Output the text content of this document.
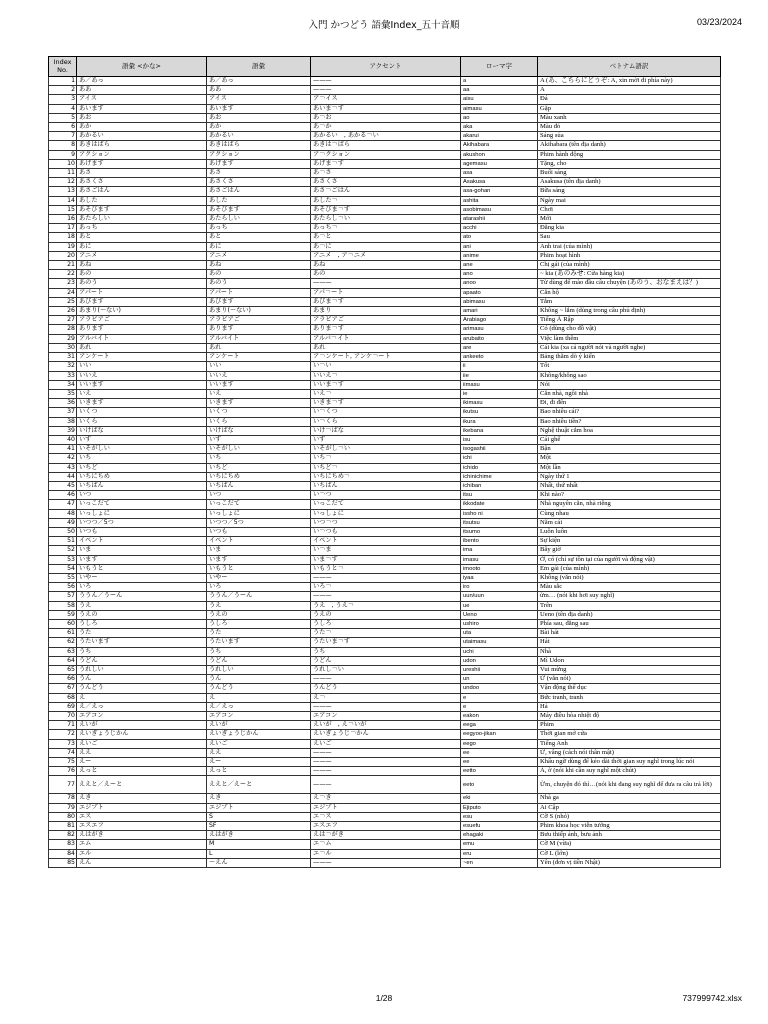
入門 かつどう 語彙Index_五十音順	03/23/2024
Index No.	語彙 <かな>	語彙	アクセント	ローマ字	ベトナム語訳
1	あ／あっ	あ／あっ	———	a	A (あ、こちらにどうぞ: A, xin mời đi phía này)
2	ああ	ああ	———	aa	A
3	アイス	アイス	ア￢イス	aisu	Đá
4	あいます	あいます	あいま￢す	aimasu	Gặp
5	あお	あお	あ￢お	ao	Màu xanh
6	あか	あか	あ￢か	aka	Màu đỏ
7	あかるい	あかるい	あかるい　, あかる￢い	akarui	Sáng sủa
8	あきはばら	あきはばら	あきは￢ばら	Akihabara	Akihabara (tên địa danh)
9	アクション	アクション	ア￢クション	akushon	Phim hành động
10	あげます	あげます	あげま￢す	agemasu	Tặng, cho
11	あさ	あさ	あ￢さ	asa	Buổi sáng
12	あさくさ	あさくさ	あさくさ	Asakusa	Asakusa (tên địa danh)
13	あさごはん	あさごはん	あさ￢ごはん	asa-gohan	Bữa sáng
14	あした	あした	あした￢	ashita	Ngày mai
15	あそびます	あそびます	あそびま￢す	asobimasu	Chơi
16	あたらしい	あたらしい	あたらし￢い	atarashii	Mới
17	あっち	あっち	あっち￢	acchi	Đằng kia
18	あと	あと	あ￢と	ato	Sau
19	あに	あに	あ￢に	ani	Anh trai (của mình)
20	アニメ	アニメ	アニメ　, ア￢ニメ	anime	Phim hoạt hình
21	あね	あね	あね	ane	Chị gái (của mình)
22	あの	あの	あの	ano	~ kia (あのみせ: Cửa hàng kia)
23	あのう	あのう	———	anoo	Từ dùng để mào đầu câu chuyện (あのう、おなまえは？)
24	アパート	アパート	アパ￢ート	apaato	Căn hộ
25	あびます	あびます	あびま￢す	abimasu	Tắm
26	あまり(～ない)	あまり(～ない)	あまり	amari	Không ~ lắm (dùng trong câu phủ định)
27	アラビアご	アラビアご	アラビアご	Arabiago	Tiếng Ả Rập
28	あります	あります	ありま￢す	arimasu	Có (dùng cho đồ vật)
29	アルバイト	アルバイト	アルバ￢イト	arubaito	Việc làm thêm
30	あれ	あれ	あれ	are	Cái kia (xa cả người nói và người nghe)
31	アンケート	アンケート	ア￢ンケート, アンケ￢ート	ankeeto	Bảng thăm dò ý kiến
32	いい	いい	い￢い	ii	Tốt
33	いいえ	いいえ	いいえ￢	iie	Không/không sao
34	いいます	いいます	いいま￢す	iimasu	Nói
35	いえ	いえ	いえ￢	ie	Căn nhà, ngôi nhà
36	いきます	いきます	いきま￢す	ikimasu	Đi, đi đến
37	いくつ	いくつ	い￢くつ	ikutsu	Bao nhiêu cái?
38	いくら	いくら	い￢くら	ikura	Bao nhiêu tiền?
39	いけばな	いけばな	いけ￢ばな	ikebana	Nghệ thuật cắm hoa
40	いす	いす	いす	isu	Cái ghế
41	いそがしい	いそがしい	いそがし￢い	isogashii	Bận
42	いち	いち	いち￢	ichi	Một
43	いちど	いちど	いちど￢	ichido	Một lần
44	いちにちめ	いちにちめ	いちにちめ￢	ichinichime	Ngày thứ 1
45	いちばん	いちばん	いちばん	ichiban	Nhất, thứ nhất
46	いつ	いつ	い￢つ	itsu	Khi nào?
47	いっこだて	いっこだて	いっこだて	ikkodate	Nhà nguyên căn, nhà riêng
48	いっしょに	いっしょに	いっしょに	issho ni	Cùng nhau
49	いつつ／5つ	いつつ／5つ	いつ￢つ	itsutsu	Năm cái
50	いつも	いつも	い￢つも	itsumo	Luôn luôn
51	イベント	イベント	イベント	ibento	Sự kiện
52	いま	いま	い￢ま	ima	Bây giờ
53	います	います	いま￢す	imasu	Ở, có (chỉ sự tồn tại của người và động vật)
54	いもうと	いもうと	いもうと￢	imooto	Em gái (của mình)
55	いやー	いやー	———	iyaa	Không (văn nói)
56	いろ	いろ	いろ￢	iro	Màu sắc
57	ううん／うーん	ううん／うーん	———	uun/uun	ừm… (nói khi hơi suy nghĩ)
58	うえ	うえ	うえ　, うえ￢	ue	Trên
59	うえの	うえの	うえの	Ueno	Ueno (tên địa danh)
60	うしろ	うしろ	うしろ	ushiro	Phía sau, đằng sau
61	うた	うた	うた￢	uta	Bài hát
62	うたいます	うたいます	うたいま￢す	utaimasu	Hát
63	うち	うち	うち	uchi	Nhà
64	うどん	うどん	うどん	udon	Mì Udon
65	うれしい	うれしい	うれし￢い	ureshii	Vui mừng
66	うん	うん	———	un	Ừ (văn nói)
67	うんどう	うんどう	うんどう	undoo	Vận động thể dục
68	え	え	え￢	e	Bức tranh, tranh
69	え／えっ	え／えっ	———	e	Hả
70	エアコン	エアコン	エアコン	eakon	Máy điều hòa nhiệt độ
71	えいが	えいが	えいが　, え￢いが	eega	Phim
72	えいぎょうじかん	えいぎょうじかん	えいぎょうじ￢かん	eegyoo-jikan	Thời gian mở cửa
73	えいご	えいご	えいご	eego	Tiếng Anh
74	ええ	ええ	———	ee	Ừ, vâng (cách nói thân mật)
75	えー	えー	———	ee	Khẩu ngữ dùng để kéo dài thời gian suy nghĩ trong lúc nói
76	えっと	えっと	———	eetto	À, ờ (nói khi cần suy nghĩ một chút)
77	ええと／えーと	ええと／えーと	———	eeto	Ừm, chuyện đó thì…(nói khi đang suy nghĩ để đưa ra câu trả lời)
78	えき	えき	え￢き	eki	Nhà ga
79	エジプト	エジプト	エジプト	Ejiputo	Ai Cập
80	エス	S	エ￢ス	esu	Cỡ S (nhỏ)
81	エスエフ	SF	エスエフ	esuefu	Phim khoa học viễn tưởng
82	えはがき	えはがき	えは￢がき	ehagaki	Bưu thiếp ảnh, bưu ảnh
83	エム	M	エ￢ム	emu	Cỡ M (vừa)
84	エル	L	エ￢ル	eru	Cỡ L (lớn)
85	えん	～えん	———	~en	Yên (đơn vị tiền Nhật)
1/28	737999742.xlsx
